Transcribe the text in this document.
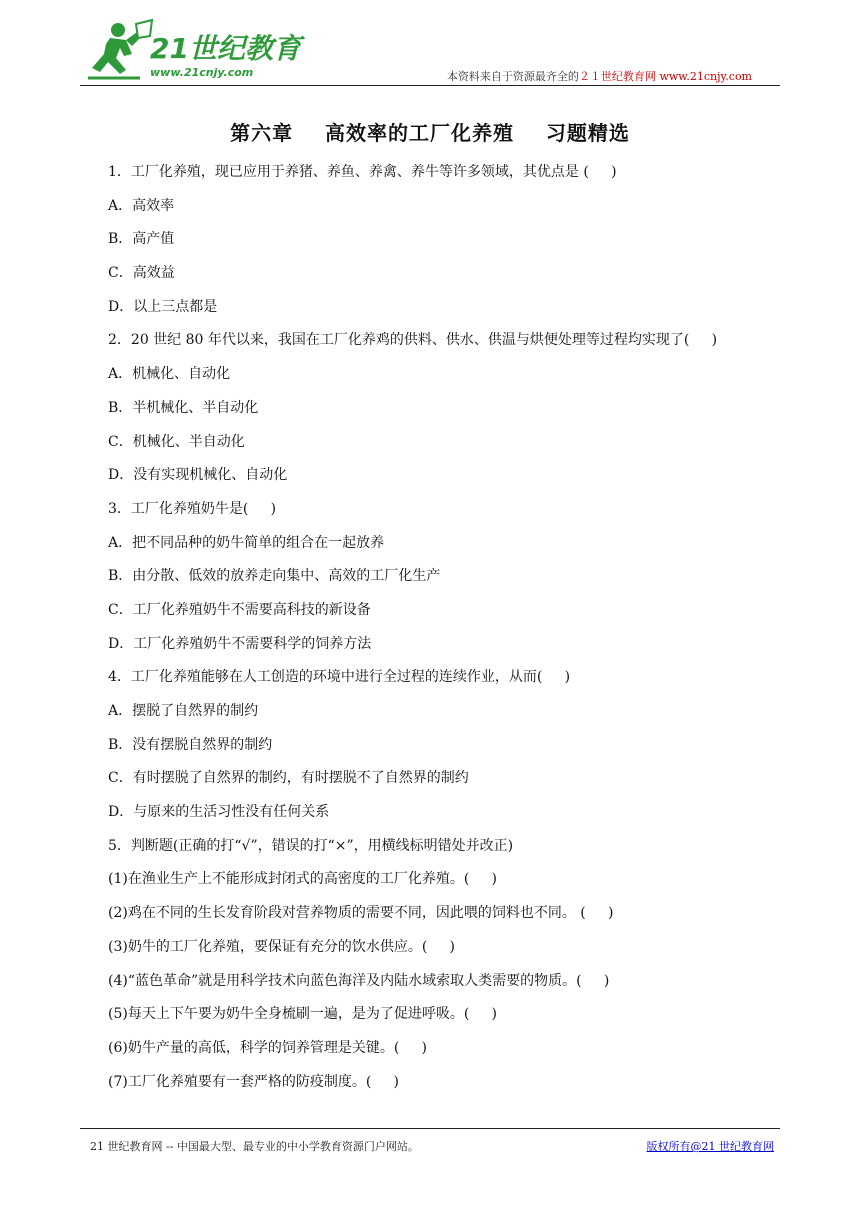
21世纪教育
www.21cnjy.com	本资料来自于资源最齐全的２１世纪教育网 www.21cnjy.com
第六章    高效率的工厂化养殖    习题精选
1．工厂化养殖，现已应用于养猪、养鱼、养禽、养牛等许多领域，其优点是 (     )
A．高效率
B．高产值
C．高效益
D．以上三点都是
2．20 世纪 80 年代以来，我国在工厂化养鸡的供料、供水、供温与烘便处理等过程均实现了(     )
A．机械化、自动化
B．半机械化、半自动化
C．机械化、半自动化
D．没有实现机械化、自动化
3．工厂化养殖奶牛是(     )
A．把不同品种的奶牛简单的组合在一起放养
B．由分散、低效的放养走向集中、高效的工厂化生产
C．工厂化养殖奶牛不需要高科技的新设备
D．工厂化养殖奶牛不需要科学的饲养方法
4．工厂化养殖能够在人工创造的环境中进行全过程的连续作业，从而(     )
A．摆脱了自然界的制约
B．没有摆脱自然界的制约
C．有时摆脱了自然界的制约，有时摆脱不了自然界的制约
D．与原来的生活习性没有任何关系
5．判断题(正确的打“√”，错误的打“×”，用横线标明错处并改正)
(1)在渔业生产上不能形成封闭式的高密度的工厂化养殖。(     )
(2)鸡在不同的生长发育阶段对营养物质的需要不同，因此喂的饲料也不同。 (     )
(3)奶牛的工厂化养殖，要保证有充分的饮水供应。(     )
(4)“蓝色革命”就是用科学技术向蓝色海洋及内陆水域索取人类需要的物质。(     )
(5)每天上下午要为奶牛全身梳刷一遍，是为了促进呼吸。(     )
(6)奶牛产量的高低，科学的饲养管理是关键。(     )
(7)工厂化养殖要有一套严格的防疫制度。(     )
21 世纪教育网 -- 中国最大型、最专业的中小学教育资源门户网站。	版权所有@21 世纪教育网
